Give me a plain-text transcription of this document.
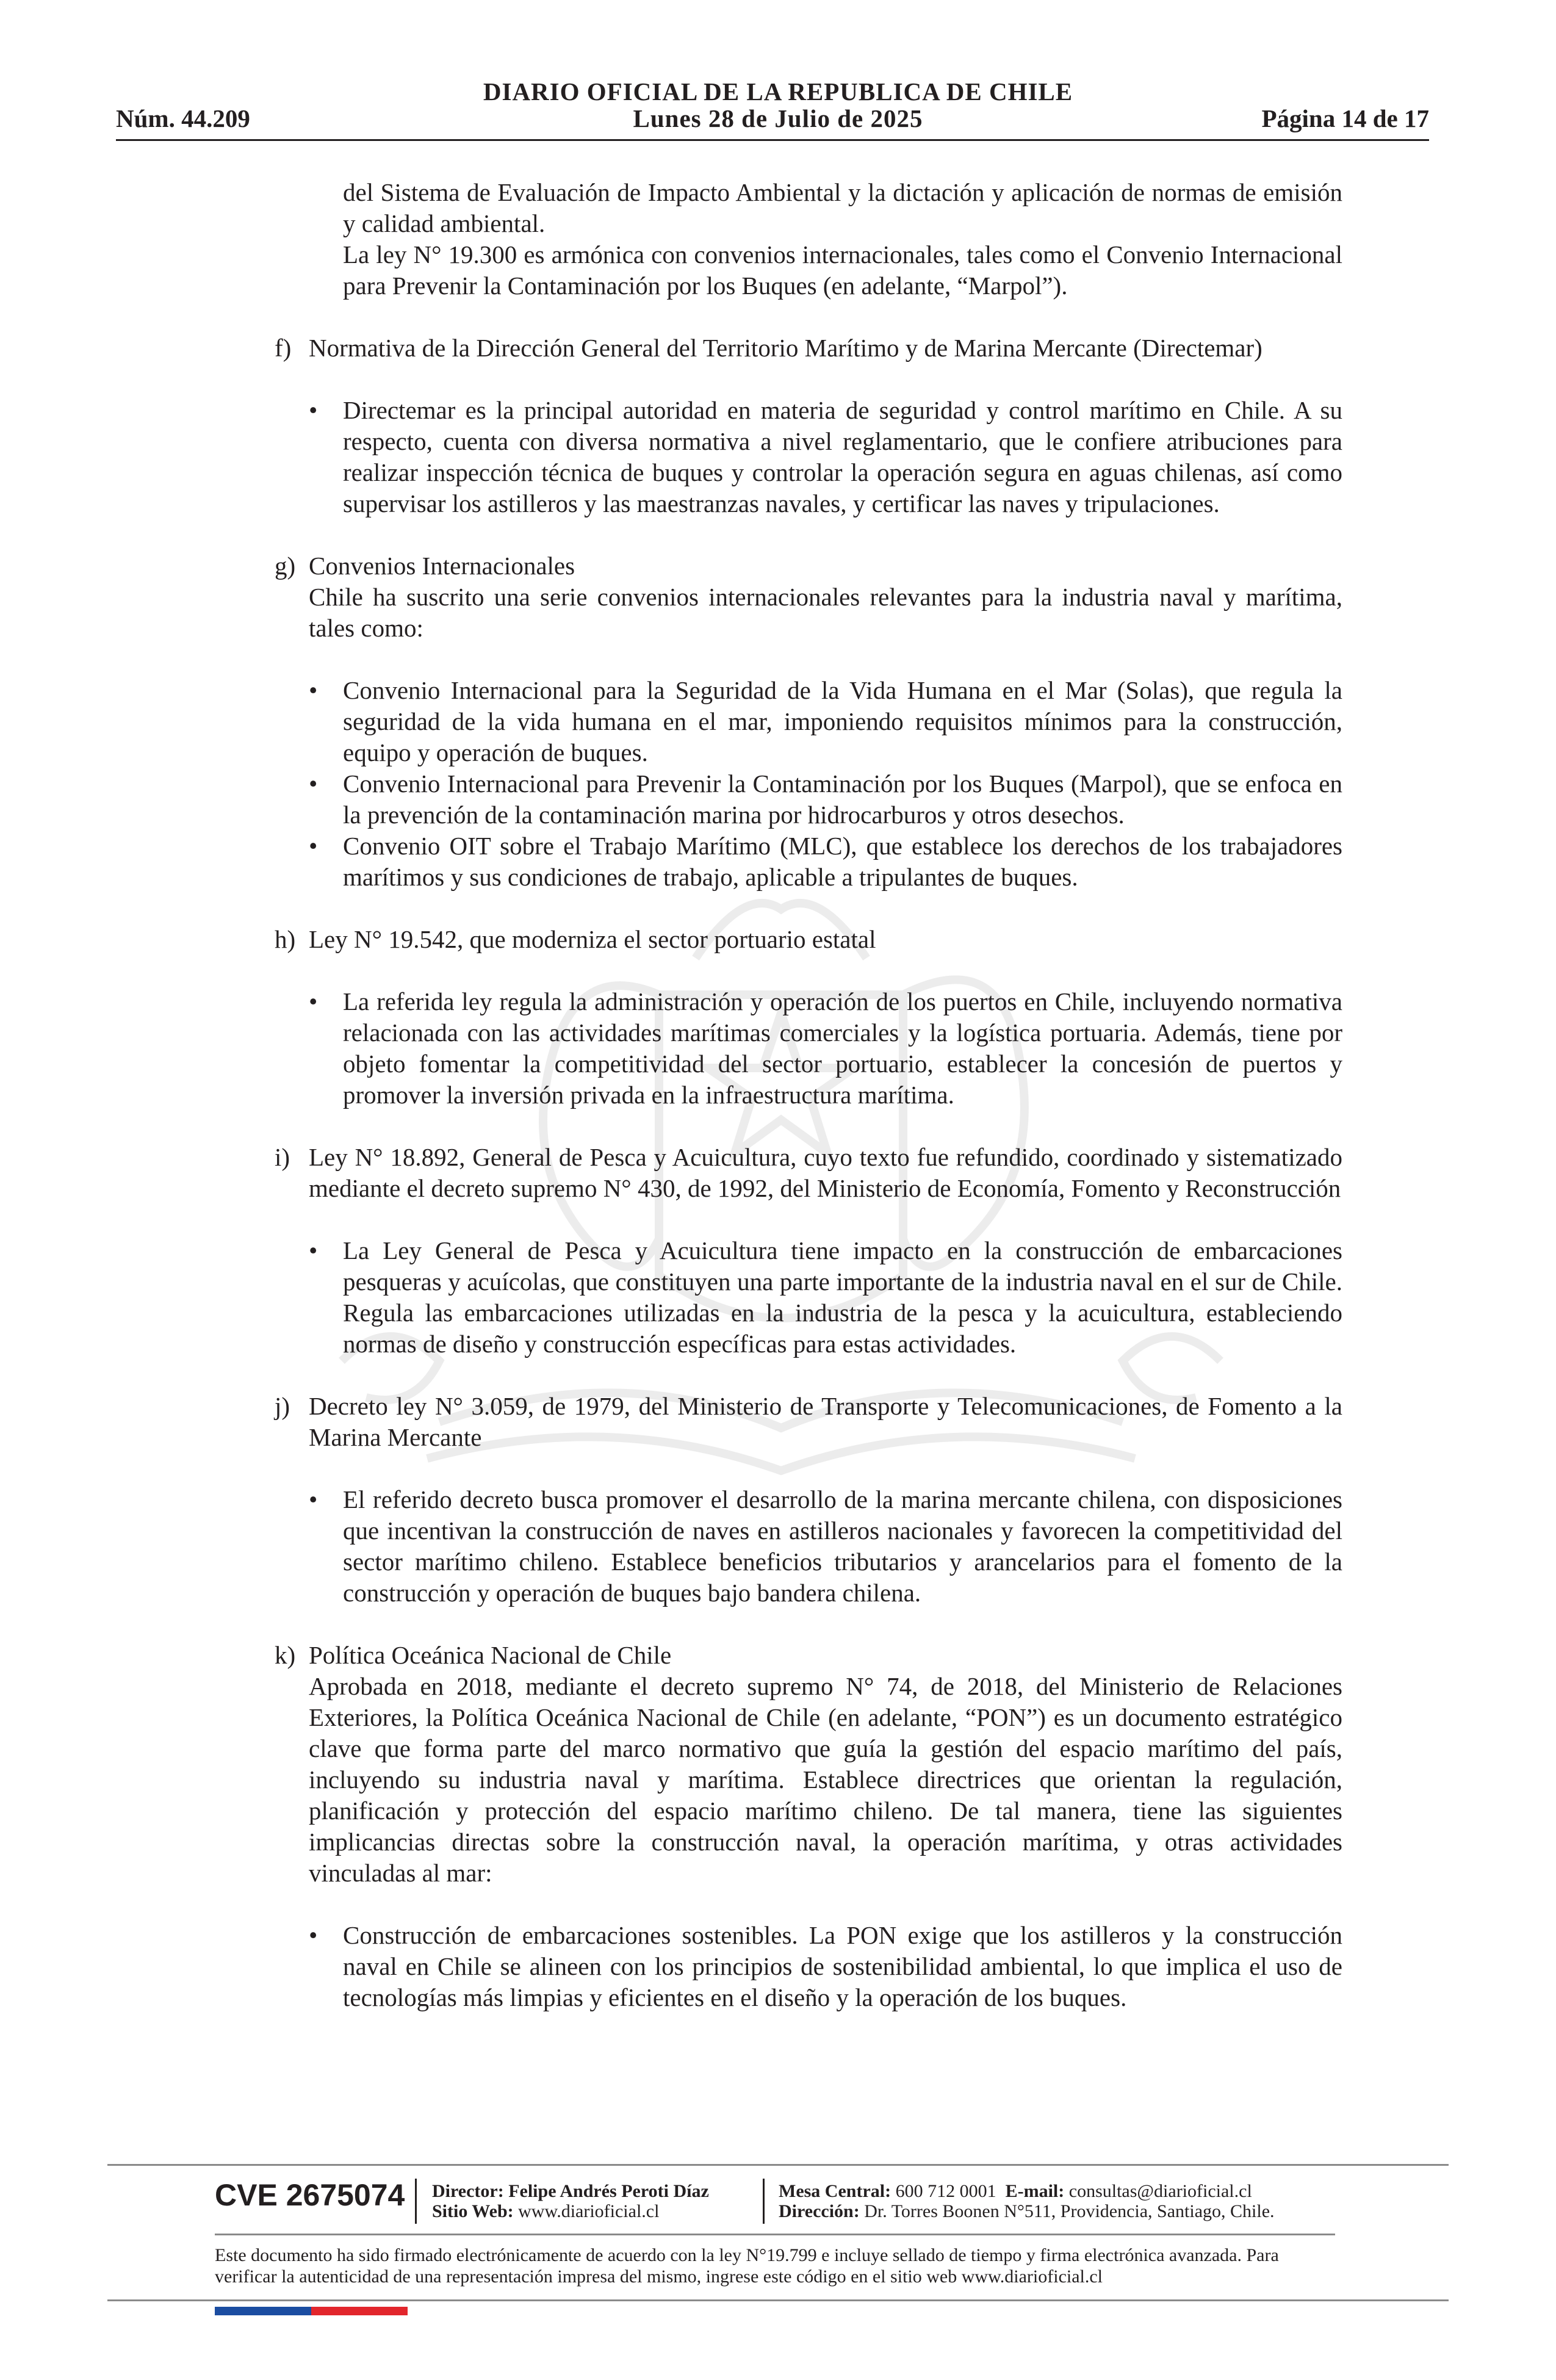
DIARIO OFICIAL DE LA REPUBLICA DE CHILE
Núm. 44.209	Lunes 28 de Julio de 2025	Página 14 de 17

del Sistema de Evaluación de Impacto Ambiental y la dictación y aplicación de normas de emisión y calidad ambiental.

La ley N° 19.300 es armónica con convenios internacionales, tales como el Convenio Internacional para Prevenir la Contaminación por los Buques (en adelante, “Marpol”).

f) Normativa de la Dirección General del Territorio Marítimo y de Marina Mercante (Directemar)
• Directemar es la principal autoridad en materia de seguridad y control marítimo en Chile. A su respecto, cuenta con diversa normativa a nivel reglamentario, que le confiere atribuciones para realizar inspección técnica de buques y controlar la operación segura en aguas chilenas, así como supervisar los astilleros y las maestranzas navales, y certificar las naves y tripulaciones.
g) Convenios Internacionales

Chile ha suscrito una serie convenios internacionales relevantes para la industria naval y marítima, tales como:

• Convenio Internacional para la Seguridad de la Vida Humana en el Mar (Solas), que regula la seguridad de la vida humana en el mar, imponiendo requisitos mínimos para la construcción, equipo y operación de buques.
• Convenio Internacional para Prevenir la Contaminación por los Buques (Marpol), que se enfoca en la prevención de la contaminación marina por hidrocarburos y otros desechos.
• Convenio OIT sobre el Trabajo Marítimo (MLC), que establece los derechos de los trabajadores marítimos y sus condiciones de trabajo, aplicable a tripulantes de buques.
h) Ley N° 19.542, que moderniza el sector portuario estatal
• La referida ley regula la administración y operación de los puertos en Chile, incluyendo normativa relacionada con las actividades marítimas comerciales y la logística portuaria. Además, tiene por objeto fomentar la competitividad del sector portuario, establecer la concesión de puertos y promover la inversión privada en la infraestructura marítima.
i) Ley N° 18.892, General de Pesca y Acuicultura, cuyo texto fue refundido, coordinado y sistematizado mediante el decreto supremo N° 430, de 1992, del Ministerio de Economía, Fomento y Reconstrucción
• La Ley General de Pesca y Acuicultura tiene impacto en la construcción de embarcaciones pesqueras y acuícolas, que constituyen una parte importante de la industria naval en el sur de Chile. Regula las embarcaciones utilizadas en la industria de la pesca y la acuicultura, estableciendo normas de diseño y construcción específicas para estas actividades.
j) Decreto ley N° 3.059, de 1979, del Ministerio de Transporte y Telecomunicaciones, de Fomento a la Marina Mercante
• El referido decreto busca promover el desarrollo de la marina mercante chilena, con disposiciones que incentivan la construcción de naves en astilleros nacionales y favorecen la competitividad del sector marítimo chileno. Establece beneficios tributarios y arancelarios para el fomento de la construcción y operación de buques bajo bandera chilena.
k) Política Oceánica Nacional de Chile

Aprobada en 2018, mediante el decreto supremo N° 74, de 2018, del Ministerio de Relaciones Exteriores, la Política Oceánica Nacional de Chile (en adelante, “PON”) es un documento estratégico clave que forma parte del marco normativo que guía la gestión del espacio marítimo del país, incluyendo su industria naval y marítima. Establece directrices que orientan la regulación, planificación y protección del espacio marítimo chileno. De tal manera, tiene las siguientes implicancias directas sobre la construcción naval, la operación marítima, y otras actividades vinculadas al mar:

• Construcción de embarcaciones sostenibles. La PON exige que los astilleros y la construcción naval en Chile se alineen con los principios de sostenibilidad ambiental, lo que implica el uso de tecnologías más limpias y eficientes en el diseño y la operación de los buques.
CVE 2675074 Director: Felipe Andrés Peroti Díaz
Sitio Web: www.diarioficial.cl
Mesa Central: 600 712 0001 E-mail: consultas@diarioficial.cl
Dirección: Dr. Torres Boonen N°511, Providencia, Santiago, Chile.
Este documento ha sido firmado electrónicamente de acuerdo con la ley N°19.799 e incluye sellado de tiempo y firma electrónica avanzada. Para verificar la autenticidad de una representación impresa del mismo, ingrese este código en el sitio web www.diarioficial.cl
